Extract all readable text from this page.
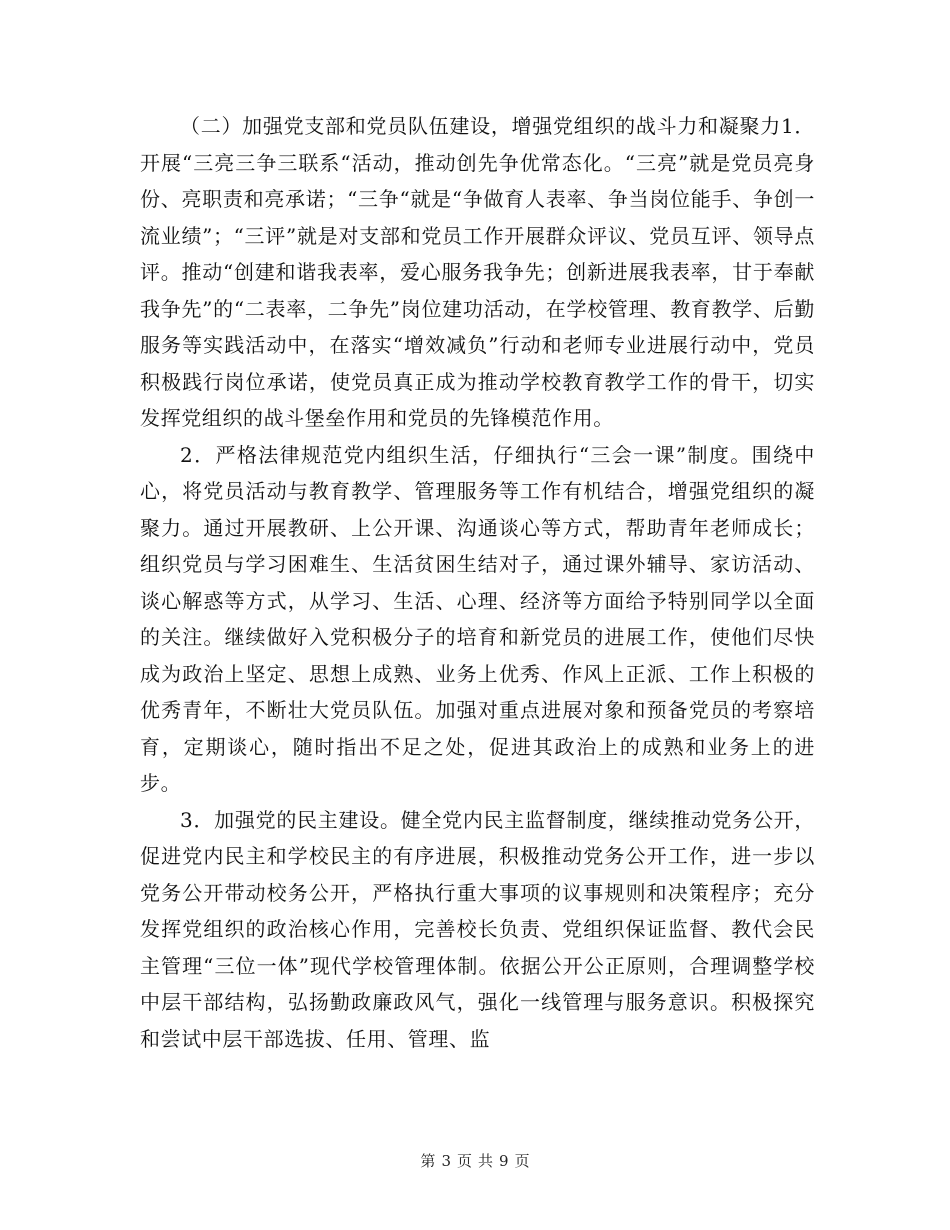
（二）加强党支部和党员队伍建设，增强党组织的战斗力和凝聚力1．开展“三亮三争三联系“活动，推动创先争优常态化。“三亮”就是党员亮身份、亮职责和亮承诺；“三争“就是“争做育人表率、争当岗位能手、争创一流业绩”；“三评”就是对支部和党员工作开展群众评议、党员互评、领导点评。推动“创建和谐我表率，爱心服务我争先；创新进展我表率，甘于奉献我争先”的“二表率，二争先”岗位建功活动，在学校管理、教育教学、后勤服务等实践活动中，在落实“增效减负”行动和老师专业进展行动中，党员积极践行岗位承诺，使党员真正成为推动学校教育教学工作的骨干，切实发挥党组织的战斗堡垒作用和党员的先锋模范作用。

2．严格法律规范党内组织生活，仔细执行“三会一课”制度。围绕中心，将党员活动与教育教学、管理服务等工作有机结合，增强党组织的凝聚力。通过开展教研、上公开课、沟通谈心等方式，帮助青年老师成长；组织党员与学习困难生、生活贫困生结对子，通过课外辅导、家访活动、谈心解惑等方式，从学习、生活、心理、经济等方面给予特别同学以全面的关注。继续做好入党积极分子的培育和新党员的进展工作，使他们尽快成为政治上坚定、思想上成熟、业务上优秀、作风上正派、工作上积极的优秀青年，不断壮大党员队伍。加强对重点进展对象和预备党员的考察培育，定期谈心，随时指出不足之处，促进其政治上的成熟和业务上的进步。

3．加强党的民主建设。健全党内民主监督制度，继续推动党务公开，促进党内民主和学校民主的有序进展，积极推动党务公开工作，进一步以党务公开带动校务公开，严格执行重大事项的议事规则和决策程序；充分发挥党组织的政治核心作用，完善校长负责、党组织保证监督、教代会民主管理“三位一体”现代学校管理体制。依据公开公正原则，合理调整学校中层干部结构，弘扬勤政廉政风气，强化一线管理与服务意识。积极探究和尝试中层干部选拔、任用、管理、监

第 3 页 共 9 页
